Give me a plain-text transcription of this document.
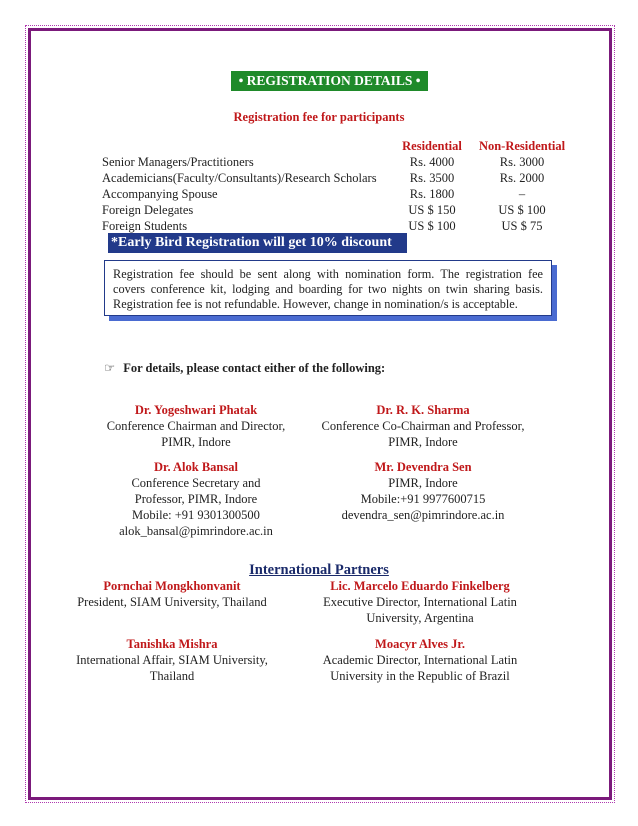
• REGISTRATION DETAILS •
Registration fee for participants
	Residential	Non-Residential
Senior Managers/Practitioners	Rs. 4000	Rs. 3000
Academicians(Faculty/Consultants)/Research Scholars	Rs. 3500	Rs. 2000
Accompanying Spouse	Rs. 1800	–
Foreign Delegates	US $ 150	US $ 100
Foreign Students	US $ 100	US $ 75
*Early Bird Registration will get 10% discount
Registration fee should be sent along with nomination form. The registration fee
covers conference kit, lodging and boarding for two nights on twin sharing basis.
Registration fee is not refundable. However, change in nomination/s is acceptable.
☞ For details, please contact either of the following:
Dr. Yogeshwari Phatak
Conference Chairman and Director,
PIMR, Indore
Dr. R. K. Sharma
Conference Co-Chairman and Professor,
PIMR, Indore
Dr. Alok Bansal
Conference Secretary and
Professor, PIMR, Indore
Mobile: +91 9301300500
alok_bansal@pimrindore.ac.in
Mr. Devendra Sen
PIMR, Indore
Mobile:+91 9977600715
devendra_sen@pimrindore.ac.in
International Partners
Pornchai Mongkhonvanit
President, SIAM University, Thailand
Lic. Marcelo Eduardo Finkelberg
Executive Director, International Latin
University, Argentina
Tanishka Mishra
International Affair, SIAM University,
Thailand
Moacyr Alves Jr.
Academic Director, International Latin
University in the Republic of Brazil
